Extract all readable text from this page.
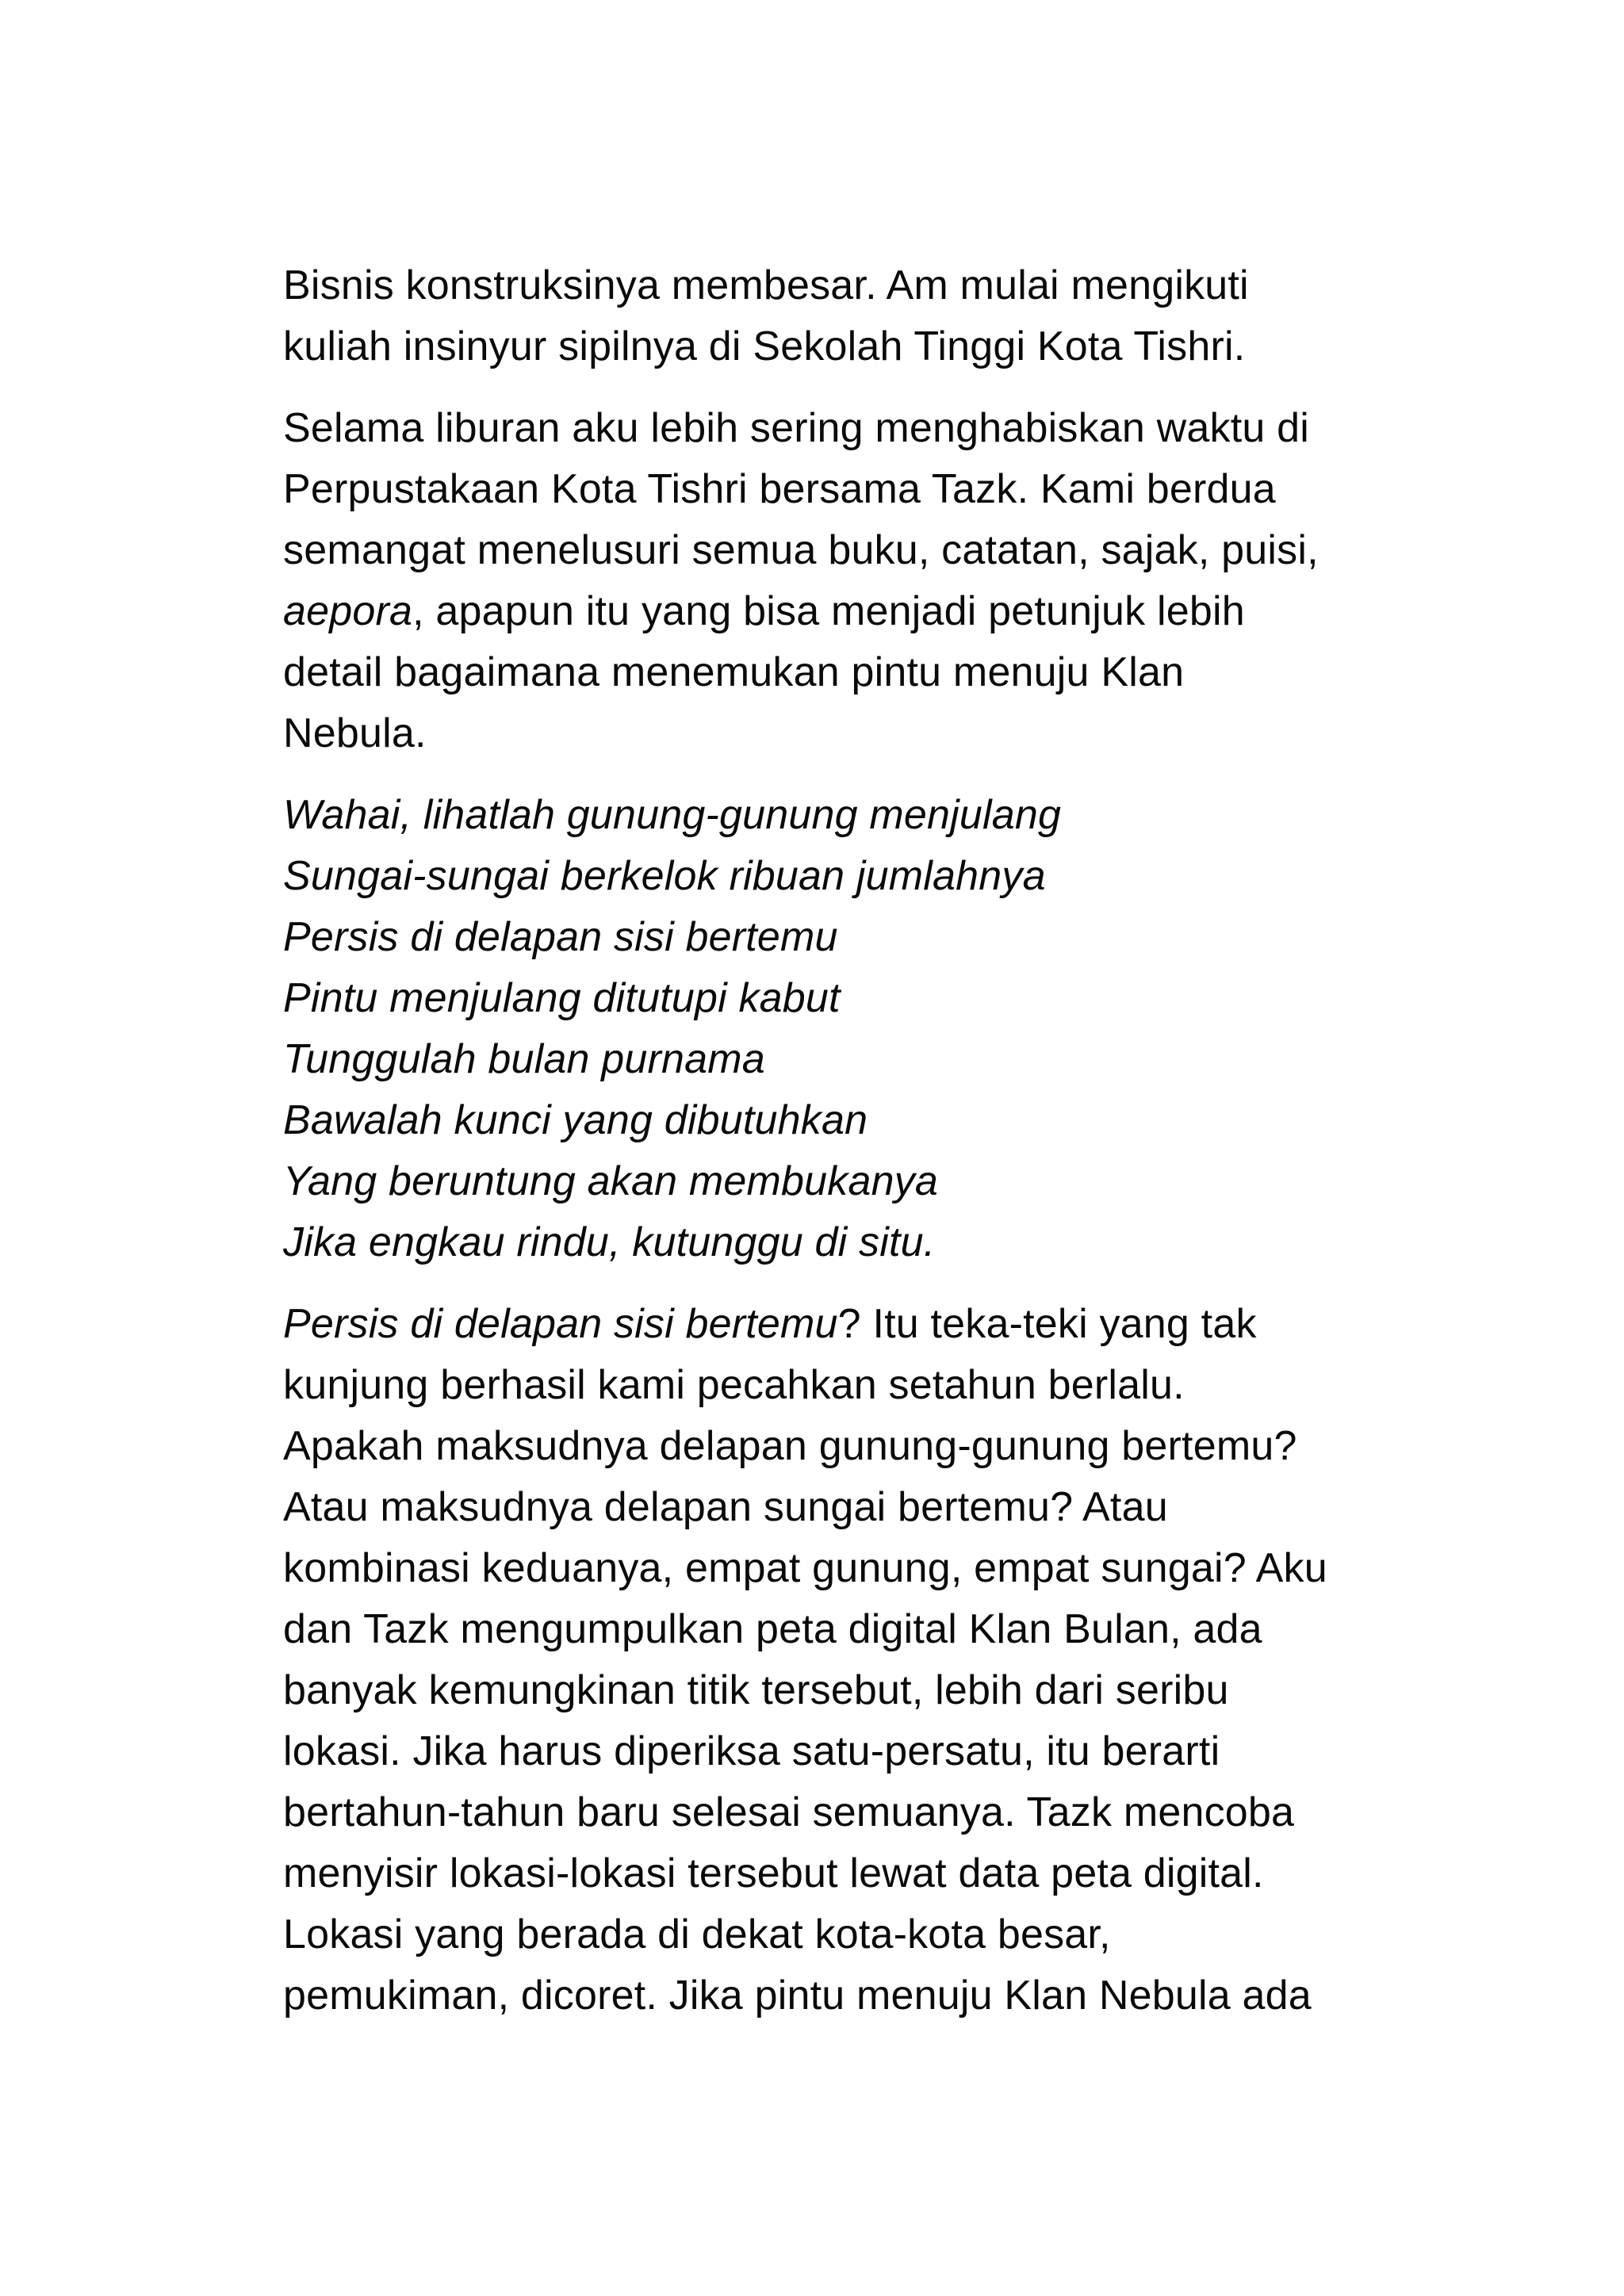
Bisnis konstruksinya membesar. Am mulai mengikuti
kuliah insinyur sipilnya di Sekolah Tinggi Kota Tishri.

Selama liburan aku lebih sering menghabiskan waktu di
Perpustakaan Kota Tishri bersama Tazk. Kami berdua
semangat menelusuri semua buku, catatan, sajak, puisi,
aepora, apapun itu yang bisa menjadi petunjuk lebih
detail bagaimana menemukan pintu menuju Klan
Nebula.

Wahai, lihatlah gunung-gunung menjulang
Sungai-sungai berkelok ribuan jumlahnya
Persis di delapan sisi bertemu
Pintu menjulang ditutupi kabut
Tunggulah bulan purnama
Bawalah kunci yang dibutuhkan
Yang beruntung akan membukanya
Jika engkau rindu, kutunggu di situ.

Persis di delapan sisi bertemu? Itu teka-teki yang tak
kunjung berhasil kami pecahkan setahun berlalu.
Apakah maksudnya delapan gunung-gunung bertemu?
Atau maksudnya delapan sungai bertemu? Atau
kombinasi keduanya, empat gunung, empat sungai? Aku
dan Tazk mengumpulkan peta digital Klan Bulan, ada
banyak kemungkinan titik tersebut, lebih dari seribu
lokasi. Jika harus diperiksa satu-persatu, itu berarti
bertahun-tahun baru selesai semuanya. Tazk mencoba
menyisir lokasi-lokasi tersebut lewat data peta digital.
Lokasi yang berada di dekat kota-kota besar,
pemukiman, dicoret. Jika pintu menuju Klan Nebula ada
